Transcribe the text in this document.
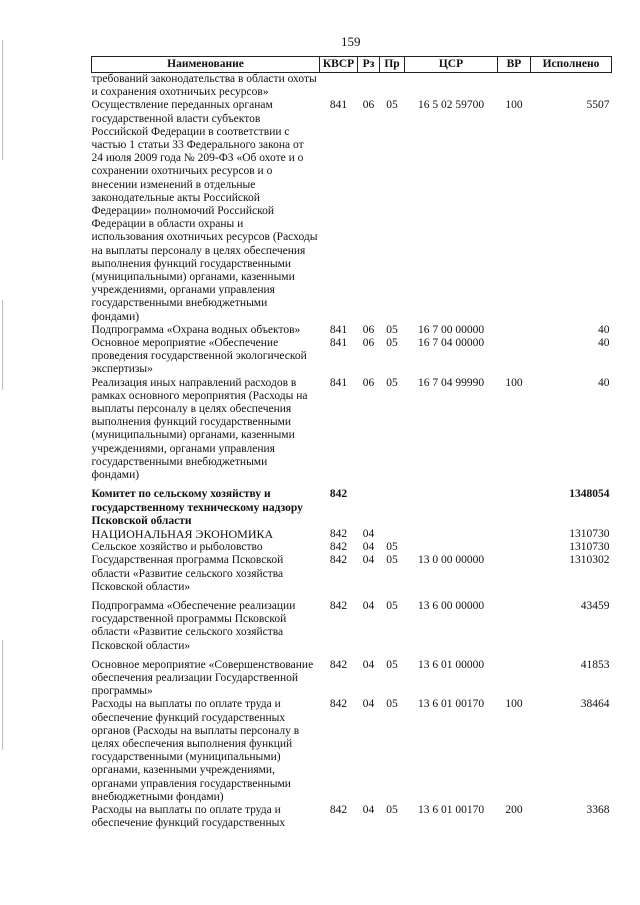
159
Наименование	КВСР	Рз	Пр	ЦСР	ВР	Исполнено
требований законодательства в области охоты и сохранения охотничьих ресурсов»						
Осуществление переданных органам государственной власти субъектов Российской Федерации в соответствии с частью 1 статьи 33 Федерального закона от 24 июля 2009 года № 209-ФЗ «Об охоте и о сохранении охотничьих ресурсов и о внесении изменений в отдельные законодательные акты Российской Федерации» полномочий Российской Федерации в области охраны и использования охотничьих ресурсов (Расходы на выплаты персоналу в целях обеспечения выполнения функций государственными (муниципальными) органами, казенными учреждениями, органами управления государственными внебюджетными фондами)	841	06	05	16 5 02 59700	100	5507
Подпрограмма «Охрана водных объектов»	841	06	05	16 7 00 00000		40
Основное мероприятие «Обеспечение проведения государственной экологической экспертизы»	841	06	05	16 7 04 00000		40
Реализация иных направлений расходов в рамках основного мероприятия (Расходы на выплаты персоналу в целях обеспечения выполнения функций государственными (муниципальными) органами, казенными учреждениями, органами управления государственными внебюджетными фондами)	841	06	05	16 7 04 99990	100	40
Комитет по сельскому хозяйству и государственному техническому надзору Псковской области	842					1348054
НАЦИОНАЛЬНАЯ ЭКОНОМИКА	842	04				1310730
Сельское хозяйство и рыболовство	842	04	05			1310730
Государственная программа Псковской области «Развитие сельского хозяйства Псковской области»	842	04	05	13 0 00 00000		1310302
Подпрограмма «Обеспечение реализации государственной программы Псковской области «Развитие сельского хозяйства Псковской области»	842	04	05	13 6 00 00000		43459
Основное мероприятие «Совершенствование обеспечения реализации Государственной программы»	842	04	05	13 6 01 00000		41853
Расходы на выплаты по оплате труда и обеспечение функций государственных органов (Расходы на выплаты персоналу в целях обеспечения выполнения функций государственными (муниципальными) органами, казенными учреждениями, органами управления государственными внебюджетными фондами)	842	04	05	13 6 01 00170	100	38464
Расходы на выплаты по оплате труда и обеспечение функций государственных	842	04	05	13 6 01 00170	200	3368
